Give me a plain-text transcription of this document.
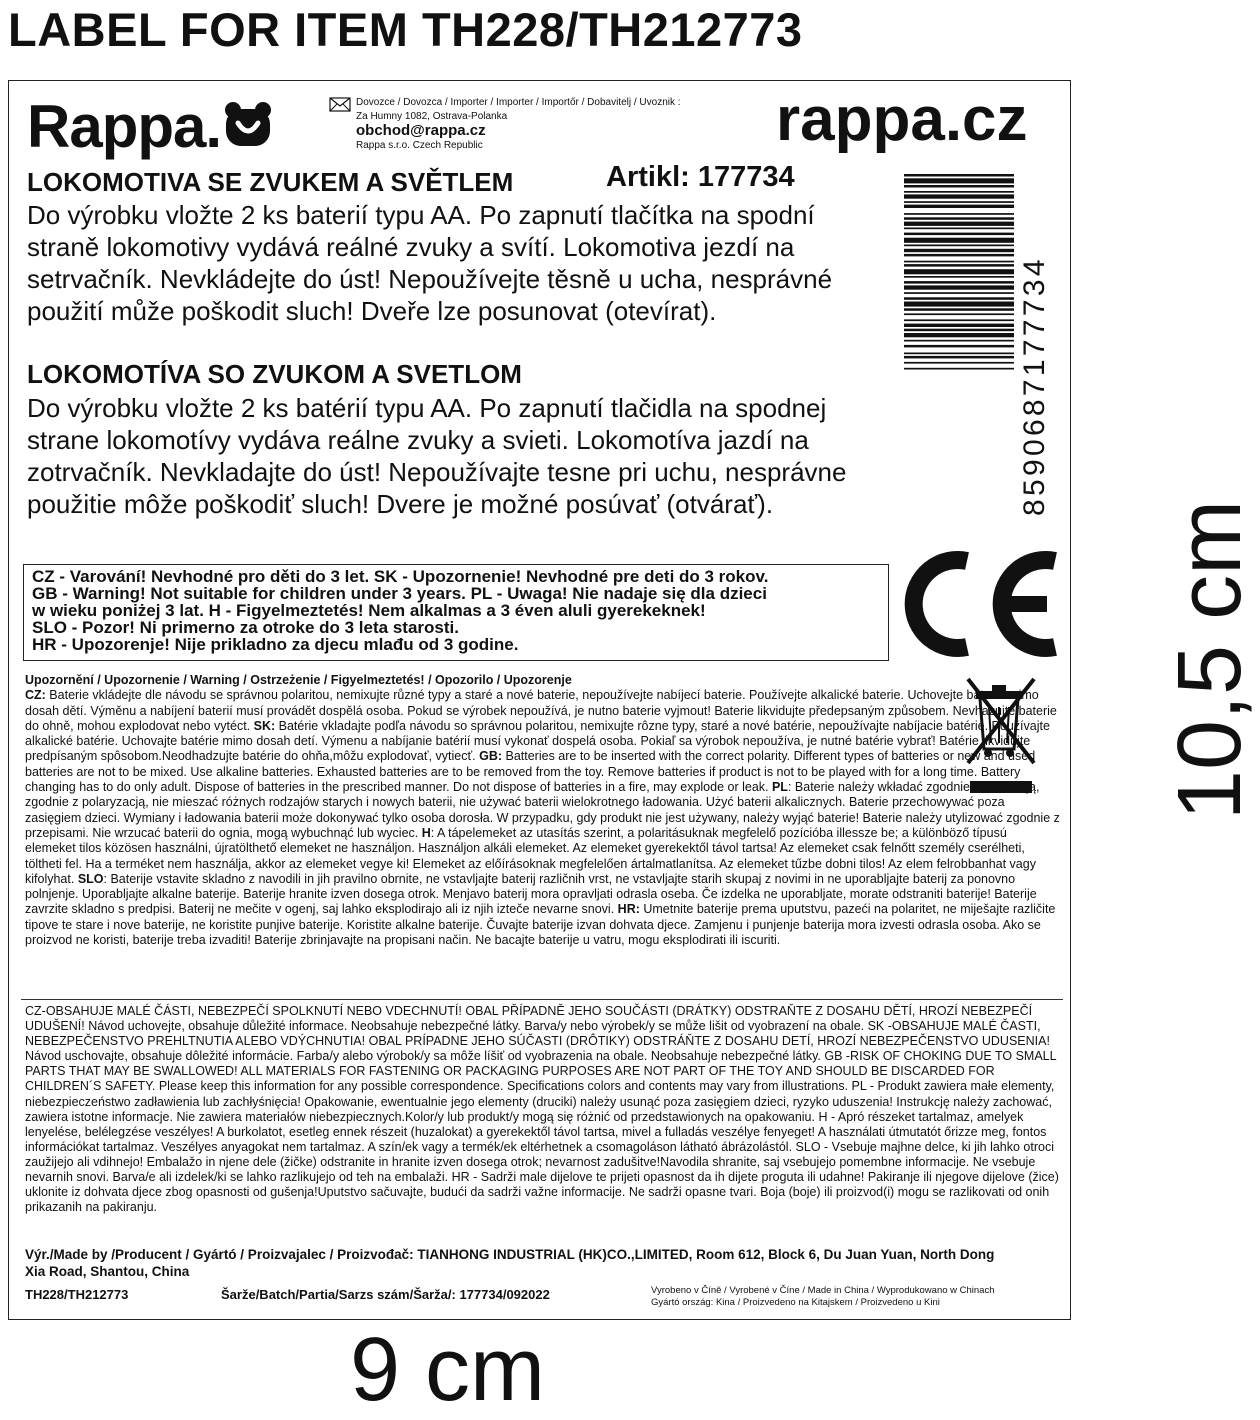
LABEL FOR ITEM TH228/TH212773
Rappa.	Dovozce / Dovozca / Importer / Importer / Importőr / Dobavitelj / Uvoznik :
Za Humny 1082, Ostrava-Polanka
obchod@rappa.cz
Rappa s.r.o. Czech Republic	rappa.cz
LOKOMOTIVA SE ZVUKEM A SVĚTLEM	Artikl: 177734
Do výrobku vložte 2 ks baterií typu AA. Po zapnutí tlačítka na spodní straně lokomotivy vydává reálné zvuky a svítí. Lokomotiva jezdí na setrvačník. Nevkládejte do úst! Nepoužívejte těsně u ucha, nesprávné použití může poškodit sluch! Dveře lze posunovat (otevírat).
LOKOMOTÍVA SO ZVUKOM A SVETLOM
Do výrobku vložte 2 ks batérií typu AA. Po zapnutí tlačidla na spodnej strane lokomotívy vydáva reálne zvuky a svieti. Lokomotíva jazdí na zotrvačník. Nevkladajte do úst! Nepoužívajte tesne pri uchu, nesprávne použitie môže poškodiť sluch! Dvere je možné posúvať (otvárať).	8590687177734
CZ - Varování! Nevhodné pro děti do 3 let. SK - Upozornenie! Nevhodné pre deti do 3 rokov.
GB - Warning! Not suitable for children under 3 years. PL - Uwaga! Nie nadaje się dla dzieci
w wieku poniżej 3 lat. H - Figyelmeztetés! Nem alkalmas a 3 éven aluli gyerekeknek!
SLO - Pozor! Ni primerno za otroke do 3 leta starosti.
HR - Upozorenje! Nije prikladno za djecu mlađu od 3 godine.
Upozornění / Upozornenie / Warning / Ostrzeżenie / Figyelmeztetés! / Opozorilo / Upozorenje
CZ: Baterie vkládejte dle návodu se správnou polaritou, nemixujte různé typy a staré a nové baterie, nepoužívejte nabíjecí baterie. Používejte alkalické baterie. Uchovejte baterie mimo dosah dětí. Výměnu a nabíjení baterií musí provádět dospělá osoba. Pokud se výrobek nepoužívá, je nutno baterie vyjmout! Baterie likvidujte předepsaným způsobem. Nevhazujte baterie do ohně, mohou explodovat nebo vytéct. SK: Batérie vkladajte podľa návodu so správnou polaritou, nemixujte rôzne typy, staré a nové batérie, nepoužívajte nabíjacie batérie. Používajte alkalické batérie. Uchovajte batérie mimo dosah detí. Výmenu a nabíjanie batérií musí vykonať dospelá osoba. Pokiaľ sa výrobok nepoužíva, je nutné batérie vybrať! Batérie likvidujte predpísaným spôsobom.Neodhadzujte batérie do ohňa,môžu explodovať, vytiecť. GB: Batteries are to be inserted with the correct polarity. Different types of batteries or new and used batteries are not to be mixed. Use alkaline batteries. Exhausted batteries are to be removed from the toy. Remove batteries if product is not to be played with for a long time. Battery changing has to do only adult. Dispose of batteries in the prescribed manner. Do not dispose of batteries in a fire, may explode or leak. PL: Baterie należy wkładać zgodnie z instrukcją, zgodnie z polaryzacją, nie mieszać różnych rodzajów starych i nowych baterii, nie używać baterii wielokrotnego ładowania. Użyć baterii alkalicznych. Baterie przechowywać poza zasięgiem dzieci. Wymiany i ładowania baterii może dokonywać tylko osoba dorosła. W przypadku, gdy produkt nie jest używany, należy wyjąć baterie! Baterie należy utylizować zgodnie z przepisami. Nie wrzucać baterii do ognia, mogą wybuchnąć lub wyciec. H: A tápelemeket az utasítás szerint, a polaritásuknak megfelelő pozícióba illessze be; a különböző típusú elemeket tilos közösen használni, újratölthető elemeket ne használjon. Használjon alkáli elemeket. Az elemeket gyerekektől távol tartsa! Az elemeket csak felnőtt személy cserélheti, töltheti fel. Ha a terméket nem használja, akkor az elemeket vegye ki! Elemeket az előírásoknak megfelelően ártalmatlanítsa. Az elemeket tűzbe dobni tilos! Az elem felrobbanhat vagy kifolyhat. SLO: Baterije vstavite skladno z navodili in jih pravilno obrnite, ne vstavljajte baterij različnih vrst, ne vstavljajte starih skupaj z novimi in ne uporabljajte baterij za ponovno polnjenje. Uporabljajte alkalne baterije. Baterije hranite izven dosega otrok. Menjavo baterij mora opravljati odrasla oseba. Če izdelka ne uporabljate, morate odstraniti baterije! Baterije zavrzite skladno s predpisi. Baterij ne mečite v ogenj, saj lahko eksplodirajo ali iz njih izteče nevarne snovi. HR: Umetnite baterije prema uputstvu, pazeći na polaritet, ne miješajte različite tipove te stare i nove baterije, ne koristite punjive baterije. Koristite alkalne baterije. Čuvajte baterije izvan dohvata djece. Zamjenu i punjenje baterija mora izvesti odrasla osoba. Ako se proizvod ne koristi, baterije treba izvaditi! Baterije zbrinjavajte na propisani način. Ne bacajte baterije u vatru, mogu eksplodirati ili iscuriti.
CZ-OBSAHUJE MALÉ ČÁSTI, NEBEZPEČÍ SPOLKNUTÍ NEBO VDECHNUTÍ! OBAL PŘÍPADNĚ JEHO SOUČÁSTI (DRÁTKY) ODSTRAŇTE Z DOSAHU DĚTÍ, HROZÍ NEBEZPEČÍ UDUŠENÍ! Návod uchovejte, obsahuje důležité informace. Neobsahuje nebezpečné látky. Barva/y nebo výrobek/y se může lišit od vyobrazení na obale. SK -OBSAHUJE MALÉ ČASTI, NEBEZPEČENSTVO PREHLTNUTIA ALEBO VDÝCHNUTIA! OBAL PRÍPADNE JEHO SÚČASTI (DRÔTIKY) ODSTRÁŇTE Z DOSAHU DETÍ, HROZÍ NEBEZPEČENSTVO UDUSENIA! Návod uschovajte, obsahuje dôležité informácie. Farba/y alebo výrobok/y sa môže líšiť od vyobrazenia na obale. Neobsahuje nebezpečné látky. GB -RISK OF CHOKING DUE TO SMALL PARTS THAT MAY BE SWALLOWED! ALL MATERIALS FOR FASTENING OR PACKAGING PURPOSES ARE NOT PART OF THE TOY AND SHOULD BE DISCARDED FOR CHILDREN´S SAFETY. Please keep this information for any possible correspondence. Specifications colors and contents may vary from illustrations. PL - Produkt zawiera małe elementy, niebezpieczeństwo zadławienia lub zachłyśnięcia! Opakowanie, ewentualnie jego elementy (druciki) należy usunąć poza zasięgiem dzieci, ryzyko uduszenia! Instrukcję należy zachować, zawiera istotne informacje. Nie zawiera materiałów niebezpiecznych.Kolor/y lub produkt/y mogą się różnić od przedstawionych na opakowaniu. H - Apró részeket tartalmaz, amelyek lenyelése, belélegzése veszélyes! A burkolatot, esetleg ennek részeit (huzalokat) a gyerekektől távol tartsa, mivel a fulladás veszélye fenyeget! A használati útmutatót őrizze meg, fontos információkat tartalmaz. Veszélyes anyagokat nem tartalmaz. A szín/ek vagy a termék/ek eltérhetnek a csomagoláson látható ábrázolástól. SLO - Vsebuje majhne delce, ki jih lahko otroci zaužijejo ali vdihnejo! Embalažo in njene dele (žičke) odstranite in hranite izven dosega otrok; nevarnost zadušitve!Navodila shranite, saj vsebujejo pomembne informacije. Ne vsebuje nevarnih snovi. Barva/e ali izdelek/ki se lahko razlikujejo od teh na embalaži. HR - Sadrži male dijelove te prijeti opasnost da ih dijete proguta ili udahne! Pakiranje ili njegove dijelove (žice) uklonite iz dohvata djece zbog opasnosti od gušenja!Uputstvo sačuvajte, budući da sadrži važne informacije. Ne sadrži opasne tvari. Boja (boje) ili proizvod(i) mogu se razlikovati od onih prikazanih na pakiranju.
Výr./Made by /Producent / Gyártó / Proizvajalec / Proizvođač: TIANHONG INDUSTRIAL (HK)CO.,LIMITED, Room 612, Block 6, Du Juan Yuan, North Dong Xia Road, Shantou, China
TH228/TH212773	Šarže/Batch/Partia/Sarzs szám/Šarža/: 177734/092022	Vyrobeno v Číně / Vyrobené v Číne / Made in China / Wyprodukowano w Chinach
Gyártó ország: Kina / Proizvedeno na Kitajskem / Proizvedeno u Kini
9 cm
10,5 cm
